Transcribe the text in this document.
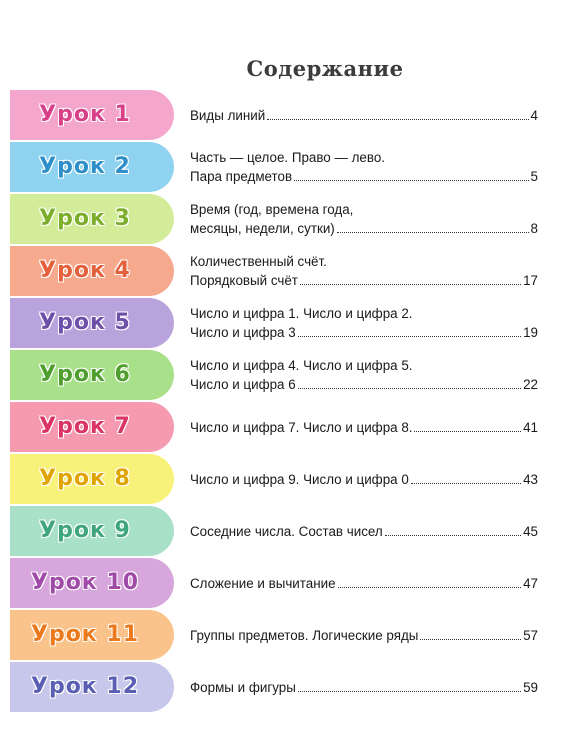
Содержание
Урок 1	Виды линий	4
Урок 2	Часть — целое. Право — лево.
Пара предметов	5
Урок 3	Время (год, времена года,
месяцы, недели, сутки)	8
Урок 4	Количественный счёт.
Порядковый счёт	17
Урок 5	Число и цифра 1. Число и цифра 2.
Число и цифра 3	19
Урок 6	Число и цифра 4. Число и цифра 5.
Число и цифра 6	22
Урок 7	Число и цифра 7. Число и цифра 8.	41
Урок 8	Число и цифра 9. Число и цифра 0	43
Урок 9	Соседние числа. Состав чисел	45
Урок 10	Сложение и вычитание	47
Урок 11	Группы предметов. Логические ряды	57
Урок 12	Формы и фигуры	59
